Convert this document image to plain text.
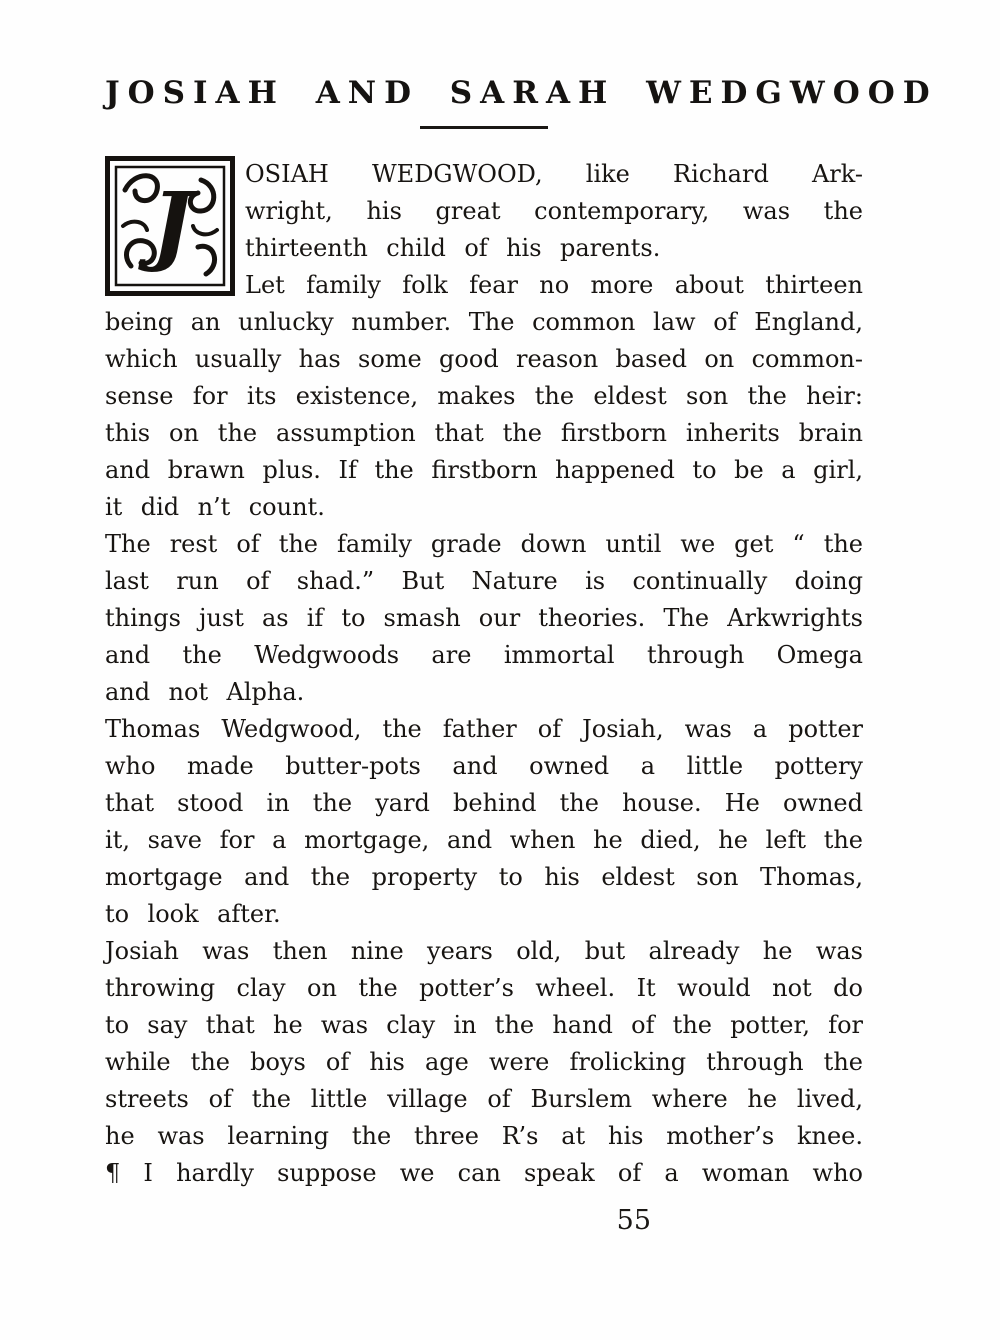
JOSIAH AND SARAH WEDGWOOD
J	OSIAH WEDGWOOD, like Richard Ark-
wright, his great contemporary, was the
thirteenth child of his parents.
Let family folk fear no more about thirteen
being an unlucky number. The common law of England,
which usually has some good reason based on common-
sense for its existence, makes the eldest son the heir:
this on the assumption that the firstborn inherits brain
and brawn plus. If the firstborn happened to be a girl,
it did n’t count.
The rest of the family grade down until we get “ the
last run of shad.” But Nature is continually doing
things just as if to smash our theories. The Arkwrights
and the Wedgwoods are immortal through Omega
and not Alpha.
Thomas Wedgwood, the father of Josiah, was a potter
who made butter-pots and owned a little pottery
that stood in the yard behind the house. He owned
it, save for a mortgage, and when he died, he left the
mortgage and the property to his eldest son Thomas,
to look after.
Josiah was then nine years old, but already he was
throwing clay on the potter’s wheel. It would not do
to say that he was clay in the hand of the potter, for
while the boys of his age were frolicking through the
streets of the little village of Burslem where he lived,
he was learning the three R’s at his mother’s knee.
¶ I hardly suppose we can speak of a woman who
55
